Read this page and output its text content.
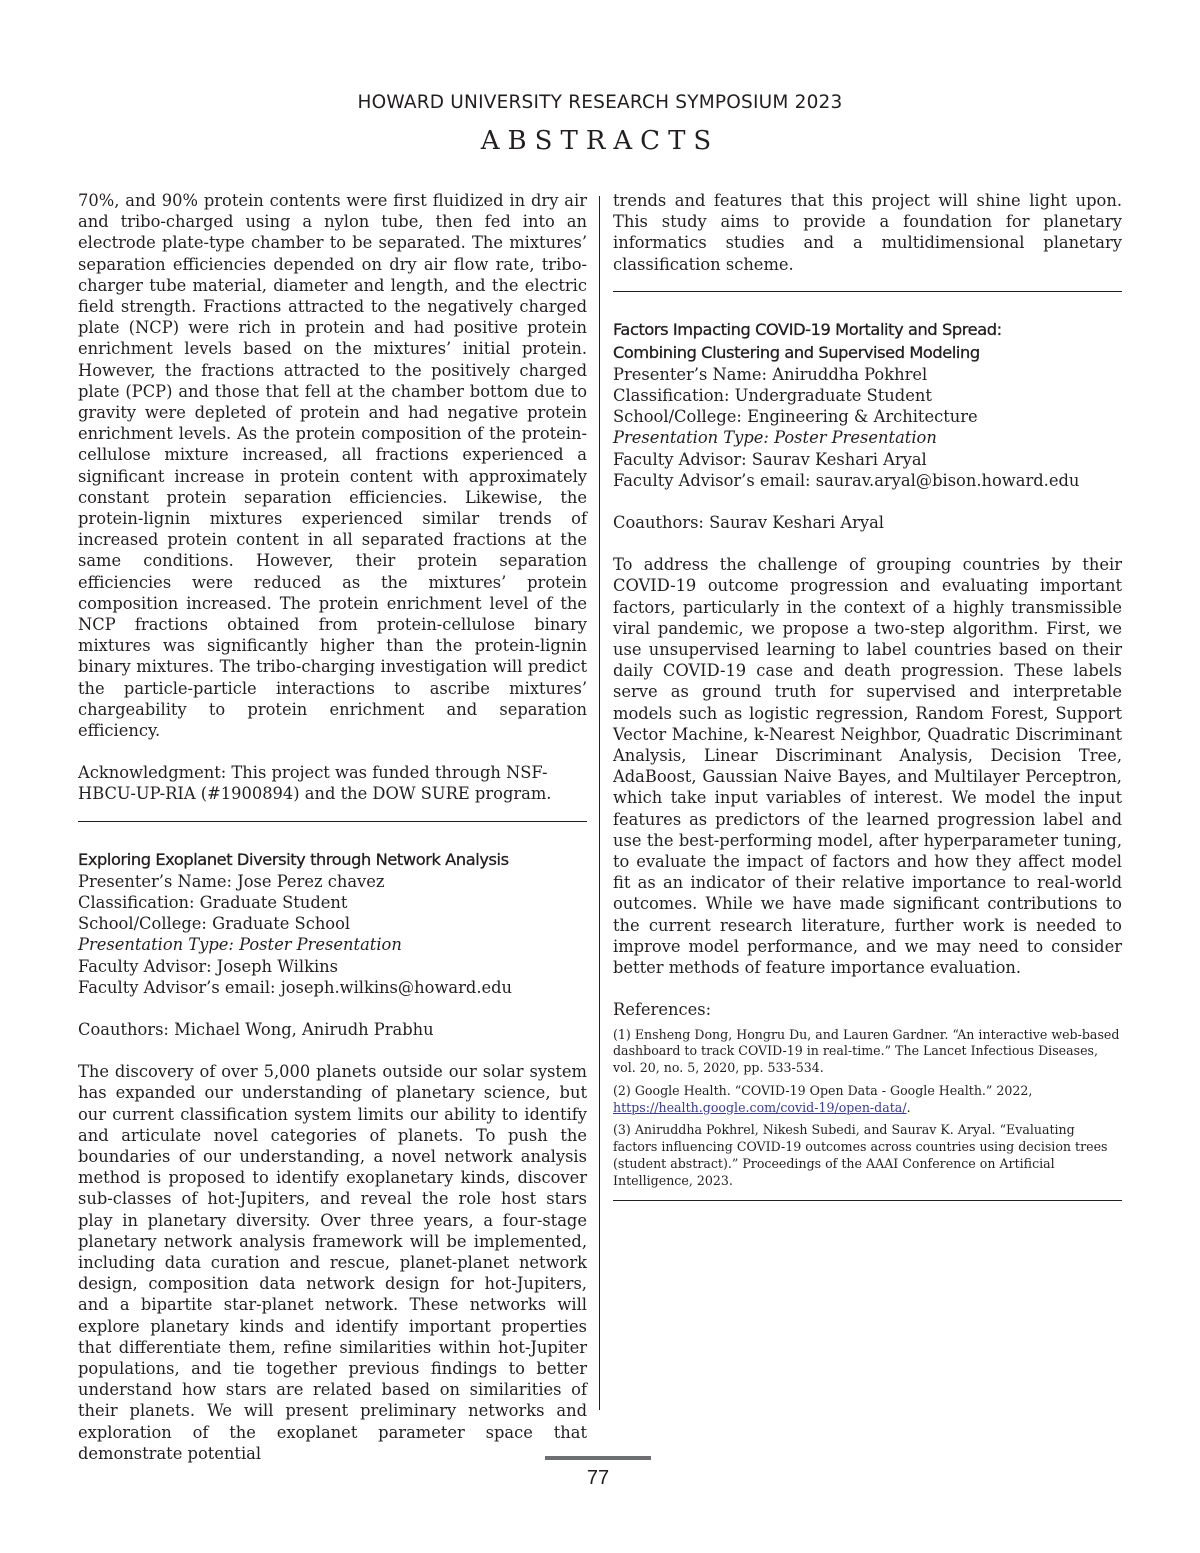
HOWARD UNIVERSITY RESEARCH SYMPOSIUM 2023
ABSTRACTS

70%, and 90% protein contents were first fluidized in dry air and tribo-charged using a nylon tube, then fed into an electrode plate-type chamber to be separated. The mixtures’ separation efficiencies depended on dry air flow rate, tribo-charger tube material, diameter and length, and the electric field strength. Fractions attracted to the negatively charged plate (NCP) were rich in protein and had positive protein enrichment levels based on the mixtures’ initial protein. However, the fractions attracted to the positively charged plate (PCP) and those that fell at the chamber bottom due to gravity were depleted of protein and had negative protein enrichment levels. As the protein composition of the protein-cellulose mixture increased, all fractions experienced a significant increase in protein content with approximately constant protein separation efficiencies. Likewise, the protein-lignin mixtures experienced similar trends of increased protein content in all separated fractions at the same conditions. However, their protein separation efficiencies were reduced as the mixtures’ protein composition increased. The protein enrichment level of the NCP fractions obtained from protein-cellulose binary mixtures was significantly higher than the protein-lignin binary mixtures. The tribo-charging investigation will predict the particle-particle interactions to ascribe mixtures’ chargeability to protein enrichment and separation efficiency.

Acknowledgment: This project was funded through NSF-

HBCU-UP-RIA (#1900894) and the DOW SURE program.

Exploring Exoplanet Diversity through Network Analysis

Presenter’s Name: Jose Perez chavez

Classification: Graduate Student

School/College: Graduate School

Presentation Type: Poster Presentation

Faculty Advisor: Joseph Wilkins

Faculty Advisor’s email: joseph.wilkins@howard.edu

Coauthors: Michael Wong, Anirudh Prabhu

The discovery of over 5,000 planets outside our solar system has expanded our understanding of planetary science, but our current classification system limits our ability to identify and articulate novel categories of planets. To push the boundaries of our understanding, a novel network analysis method is proposed to identify exoplanetary kinds, discover sub-classes of hot-Jupiters, and reveal the role host stars play in planetary diversity. Over three years, a four-stage planetary network analysis framework will be implemented, including data curation and rescue, planet-planet network design, composition data network design for hot-Jupiters, and a bipartite star-planet network. These networks will explore planetary kinds and identify important properties that differentiate them, refine similarities within hot-Jupiter populations, and tie together previous findings to better understand how stars are related based on similarities of their planets. We will present preliminary networks and exploration of the exoplanet parameter space that demonstrate potential

trends and features that this project will shine light upon. This study aims to provide a foundation for planetary informatics studies and a multidimensional planetary classification scheme.

Factors Impacting COVID-19 Mortality and Spread:
Combining Clustering and Supervised Modeling

Presenter’s Name: Aniruddha Pokhrel

Classification: Undergraduate Student

School/College: Engineering & Architecture

Presentation Type: Poster Presentation

Faculty Advisor: Saurav Keshari Aryal

Faculty Advisor’s email: saurav.aryal@bison.howard.edu

Coauthors: Saurav Keshari Aryal

To address the challenge of grouping countries by their COVID-19 outcome progression and evaluating important factors, particularly in the context of a highly transmissible viral pandemic, we propose a two-step algorithm. First, we use unsupervised learning to label countries based on their daily COVID-19 case and death progression. These labels serve as ground truth for supervised and interpretable models such as logistic regression, Random Forest, Support Vector Machine, k-Nearest Neighbor, Quadratic Discriminant Analysis, Linear Discriminant Analysis, Decision Tree, AdaBoost, Gaussian Naive Bayes, and Multilayer Perceptron, which take input variables of interest. We model the input features as predictors of the learned progression label and use the best-performing model, after hyperparameter tuning, to evaluate the impact of factors and how they affect model fit as an indicator of their relative importance to real-world outcomes. While we have made significant contributions to the current research literature, further work is needed to improve model performance, and we may need to consider better methods of feature importance evaluation.

References:

(1) Ensheng Dong, Hongru Du, and Lauren Gardner. “An interactive web-based dashboard to track COVID-19 in real-time.” The Lancet Infectious Diseases, vol. 20, no. 5, 2020, pp. 533-534.

(2) Google Health. “COVID-19 Open Data - Google Health.” 2022,
https://health.google.com/covid-19/open-data/.

(3) Aniruddha Pokhrel, Nikesh Subedi, and Saurav K. Aryal. “Evaluating factors influencing COVID-19 outcomes across countries using decision trees (student abstract).” Proceedings of the AAAI Conference on Artificial Intelligence, 2023.

77
